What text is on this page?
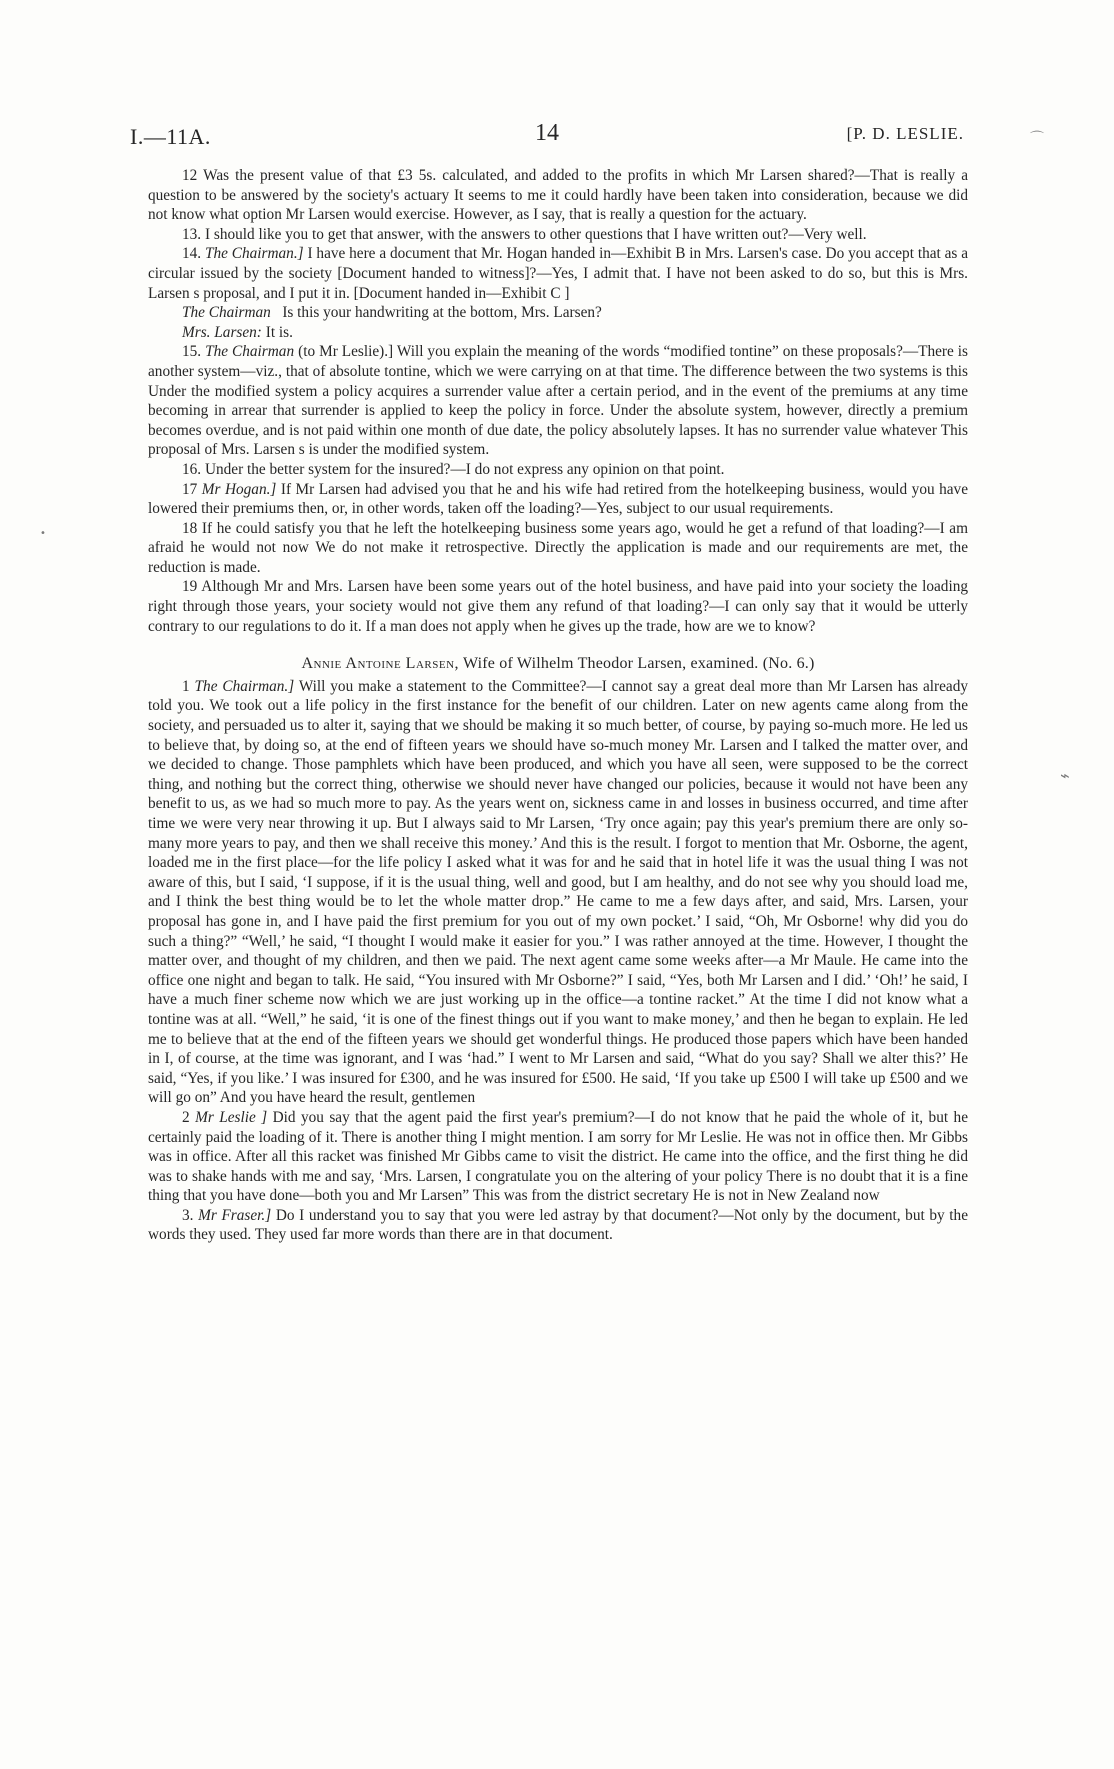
I.—11A.	14	[P. D. LESLIE.	⌒
⌁
•

12 Was the present value of that £3 5s. calculated, and added to the profits in which Mr Larsen shared?—That is really a question to be answered by the society's actuary It seems to me it could hardly have been taken into consideration, because we did not know what option Mr Larsen would exercise. However, as I say, that is really a question for the actuary.

13. I should like you to get that answer, with the answers to other questions that I have written out?—Very well.

14. The Chairman.] I have here a document that Mr. Hogan handed in—Exhibit B in Mrs. Larsen's case. Do you accept that as a circular issued by the society [Document handed to witness]?—Yes, I admit that. I have not been asked to do so, but this is Mrs. Larsen s proposal, and I put it in. [Document handed in—Exhibit C ]

The Chairman Is this your handwriting at the bottom, Mrs. Larsen?

Mrs. Larsen: It is.

15. The Chairman (to Mr Leslie).] Will you explain the meaning of the words “modified tontine” on these proposals?—There is another system—viz., that of absolute tontine, which we were carrying on at that time. The difference between the two systems is this Under the modified system a policy acquires a surrender value after a certain period, and in the event of the premiums at any time becoming in arrear that surrender is applied to keep the policy in force. Under the absolute system, however, directly a premium becomes overdue, and is not paid within one month of due date, the policy absolutely lapses. It has no surrender value whatever This proposal of Mrs. Larsen s is under the modified system.

16. Under the better system for the insured?—I do not express any opinion on that point.

17 Mr Hogan.] If Mr Larsen had advised you that he and his wife had retired from the hotelkeeping business, would you have lowered their premiums then, or, in other words, taken off the loading?—Yes, subject to our usual requirements.

18 If he could satisfy you that he left the hotelkeeping business some years ago, would he get a refund of that loading?—I am afraid he would not now We do not make it retrospective. Directly the application is made and our requirements are met, the reduction is made.

19 Although Mr and Mrs. Larsen have been some years out of the hotel business, and have paid into your society the loading right through those years, your society would not give them any refund of that loading?—I can only say that it would be utterly contrary to our regulations to do it. If a man does not apply when he gives up the trade, how are we to know?

Annie Antoine Larsen, Wife of Wilhelm Theodor Larsen, examined. (No. 6.)

1 The Chairman.] Will you make a statement to the Committee?—I cannot say a great deal more than Mr Larsen has already told you. We took out a life policy in the first instance for the benefit of our children. Later on new agents came along from the society, and persuaded us to alter it, saying that we should be making it so much better, of course, by paying so-much more. He led us to believe that, by doing so, at the end of fifteen years we should have so-much money Mr. Larsen and I talked the matter over, and we decided to change. Those pamphlets which have been produced, and which you have all seen, were supposed to be the correct thing, and nothing but the correct thing, otherwise we should never have changed our policies, because it would not have been any benefit to us, as we had so much more to pay. As the years went on, sickness came in and losses in business occurred, and time after time we were very near throwing it up. But I always said to Mr Larsen, ‘Try once again; pay this year's premium there are only so-many more years to pay, and then we shall receive this money.’ And this is the result. I forgot to mention that Mr. Osborne, the agent, loaded me in the first place—for the life policy I asked what it was for and he said that in hotel life it was the usual thing I was not aware of this, but I said, ‘I suppose, if it is the usual thing, well and good, but I am healthy, and do not see why you should load me, and I think the best thing would be to let the whole matter drop.” He came to me a few days after, and said, Mrs. Larsen, your proposal has gone in, and I have paid the first premium for you out of my own pocket.’ I said, “Oh, Mr Osborne! why did you do such a thing?” “Well,’ he said, “I thought I would make it easier for you.” I was rather annoyed at the time. However, I thought the matter over, and thought of my children, and then we paid. The next agent came some weeks after—a Mr Maule. He came into the office one night and began to talk. He said, “You insured with Mr Osborne?” I said, “Yes, both Mr Larsen and I did.’ ‘Oh!’ he said, I have a much finer scheme now which we are just working up in the office—a tontine racket.” At the time I did not know what a tontine was at all. “Well,” he said, ‘it is one of the finest things out if you want to make money,’ and then he began to explain. He led me to believe that at the end of the fifteen years we should get wonderful things. He produced those papers which have been handed in I, of course, at the time was ignorant, and I was ‘had.” I went to Mr Larsen and said, “What do you say? Shall we alter this?’ He said, “Yes, if you like.’ I was insured for £300, and he was insured for £500. He said, ‘If you take up £500 I will take up £500 and we will go on” And you have heard the result, gentlemen

2 Mr Leslie ] Did you say that the agent paid the first year's premium?—I do not know that he paid the whole of it, but he certainly paid the loading of it. There is another thing I might mention. I am sorry for Mr Leslie. He was not in office then. Mr Gibbs was in office. After all this racket was finished Mr Gibbs came to visit the district. He came into the office, and the first thing he did was to shake hands with me and say, ‘Mrs. Larsen, I congratulate you on the altering of your policy There is no doubt that it is a fine thing that you have done—both you and Mr Larsen” This was from the district secretary He is not in New Zealand now

3. Mr Fraser.] Do I understand you to say that you were led astray by that document?—Not only by the document, but by the words they used. They used far more words than there are in that document.
